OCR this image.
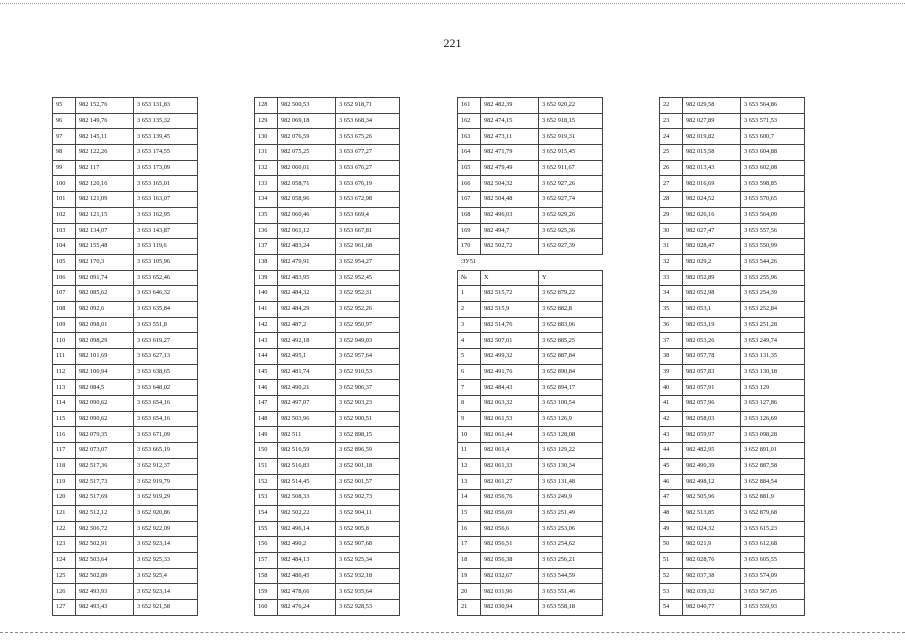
221
95	982 152,76	3 653 131,83
96	982 149,76	3 653 135,32
97	982 145,11	3 653 139,45
98	982 122,26	3 653 174,55
99	982 117	3 653 173,09
100	982 120,16	3 653 165,01
101	982 121,09	3 653 163,07
102	982 121,15	3 653 162,95
103	982 134,07	3 653 143,87
104	982 155,48	3 653 119,6
105	982 170,3	3 653 105,96
106	982 091,74	3 653 652,46
107	982 085,62	3 653 646,32
108	982 092,6	3 653 635,84
109	982 098,01	3 653 551,8
110	982 098,29	3 653 619,27
111	982 101,69	3 653 627,13
112	982 100,94	3 653 638,65
113	982 084,5	3 653 648,02
114	982 090,62	3 653 654,16
115	982 090,62	3 653 654,16
116	982 079,35	3 653 671,09
117	982 073,07	3 653 665,19
118	982 517,36	3 652 912,37
119	982 517,73	3 652 919,79
120	982 517,69	3 652 919,29
121	982 512,12	3 652 920,86
122	982 506,72	3 652 922,09
123	982 502,91	3 652 923,14
124	982 503,64	3 652 925,33
125	982 502,89	3 652 925,4
126	982 493,93	3 652 923,14
127	982 493,43	3 652 921,58
128	982 500,53	3 652 918,71
129	982 069,18	3 653 668,34
130	982 076,59	3 653 675,26
131	982 075,25	3 653 677,27
132	982 060,01	3 653 676,27
133	982 058,71	3 653 676,19
134	982 058,96	3 653 672,98
135	982 060,46	3 653 669,4
136	982 061,12	3 653 667,81
137	982 483,24	3 652 961,68
138	982 479,91	3 652 954,27
139	982 483,95	3 652 952,45
140	982 484,32	3 652 952,31
141	982 484,29	3 652 952,26
142	982 487,2	3 652 950,97
143	982 492,18	3 652 949,03
144	982 495,1	3 652 957,64
145	982 481,74	3 652 910,53
146	982 490,21	3 652 906,37
147	982 497,07	3 652 903,23
148	982 503,96	3 652 900,51
149	982 511	3 652 898,15
150	982 516,59	3 652 896,59
151	982 516,83	3 652 901,18
152	982 514,45	3 652 901,57
153	982 508,33	3 652 902,73
154	982 502,22	3 652 904,11
155	982 496,14	3 652 905,8
156	982 490,2	3 652 907,68
157	982 484,13	3 652 925,34
158	982 486,45	3 652 932,18
159	982 478,66	3 652 935,64
160	982 476,24	3 652 928,53
161	982 482,39	3 652 920,22
162	982 474,15	3 652 918,15
163	982 473,11	3 652 919,31
164	982 471,79	3 652 915,45
165	982 479,49	3 652 911,67
166	982 504,32	3 652 927,26
167	982 504,48	3 652 927,74
168	982 496,03	3 652 929,26
169	982 494,7	3 652 925,36
170	982 502,72	3 652 927,39
:ЗУ51		
№	X	Y
1	982 515,72	3 652 879,22
2	982 515,9	3 652 882,8
3	982 514,76	3 652 883,06
4	982 507,01	3 652 885,25
5	982 499,32	3 652 887,84
6	982 491,76	3 652 890,84
7	982 484,43	3 652 894,17
8	982 063,32	3 653 100,54
9	982 061,53	3 653 126,9
10	982 061,44	3 653 128,08
11	982 061,4	3 653 129,22
12	982 061,33	3 653 130,34
13	982 061,27	3 653 131,48
14	982 056,76	3 653 249,9
15	982 056,69	3 653 251,49
16	982 056,6	3 653 253,06
17	982 056,51	3 653 254,62
18	982 056,38	3 653 256,21
19	982 032,67	3 653 544,59
20	982 031,96	3 653 551,46
21	982 030,94	3 653 558,18
22	982 029,58	3 653 564,86
23	982 027,89	3 653 571,53
24	982 019,82	3 653 600,7
25	982 015,58	3 653 604,88
26	982 013,43	3 653 602,08
27	982 016,69	3 653 598,85
28	982 024,52	3 653 570,65
29	982 026,16	3 653 564,09
30	982 027,47	3 653 557,56
31	982 028,47	3 653 550,99
32	982 029,2	3 653 544,26
33	982 052,89	3 653 255,96
34	982 052,98	3 653 254,39
35	982 053,1	3 653 252,84
36	982 053,19	3 653 251,28
37	982 053,26	3 653 249,74
38	982 057,78	3 653 131,35
39	982 057,83	3 653 130,18
40	982 057,91	3 653 129
41	982 057,96	3 653 127,86
42	982 058,03	3 653 126,69
43	982 059,97	3 653 098,28
44	982 482,95	3 652 891,01
45	982 490,39	3 652 887,58
46	982 498,12	3 652 884,54
47	982 505,96	3 652 881,9
48	982 513,85	3 652 879,68
49	982 024,32	3 653 615,23
50	982 021,9	3 653 612,68
51	982 028,76	3 653 605,55
52	982 037,38	3 653 574,09
53	982 039,32	3 653 567,05
54	982 040,77	3 653 559,93
